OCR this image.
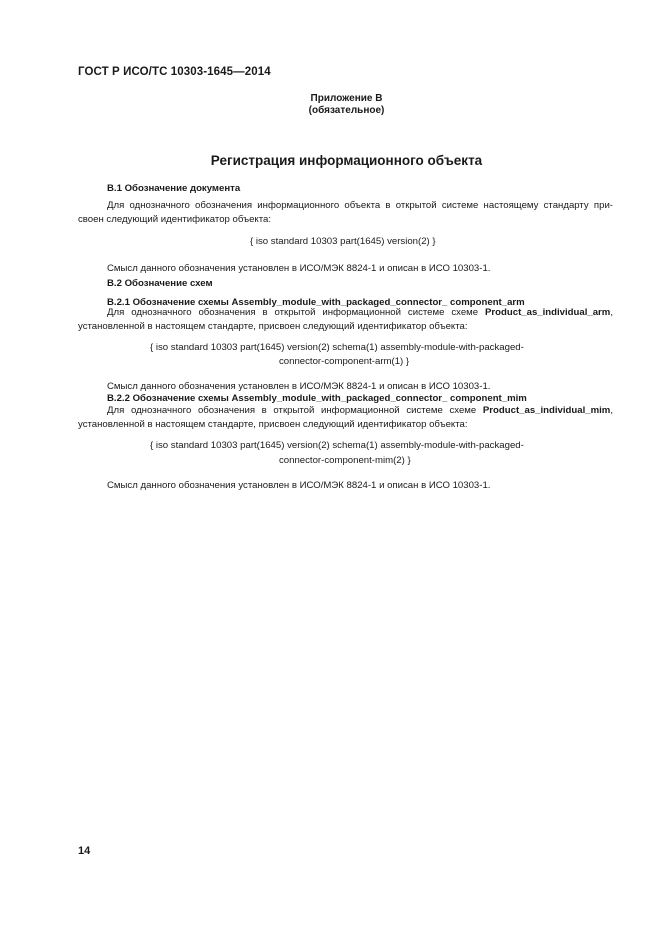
ГОСТ Р ИСО/ТС 10303-1645—2014
Приложение В
(обязательное)
Регистрация информационного объекта
В.1 Обозначение документа
Для однозначного обозначения информационного объекта в открытой системе настоящему стандарту при-
своен следующий идентификатор объекта:
{ iso standard 10303 part(1645) version(2) }
Смысл данного обозначения установлен в ИСО/МЭК 8824-1 и описан в ИСО 10303-1.
В.2 Обозначение схем
В.2.1 Обозначение схемы Assembly_module_with_packaged_connector_ component_arm
Для однозначного обозначения в открытой информационной системе схеме Product_as_individual_arm,
установленной в настоящем стандарте, присвоен следующий идентификатор объекта:
{ iso standard 10303 part(1645) version(2) schema(1) assembly-module-with-packaged-
connector-component-arm(1) }
Смысл данного обозначения установлен в ИСО/МЭК 8824-1 и описан в ИСО 10303-1.
В.2.2 Обозначение схемы Assembly_module_with_packaged_connector_ component_mim
Для однозначного обозначения в открытой информационной системе схеме Product_as_individual_mim,
установленной в настоящем стандарте, присвоен следующий идентификатор объекта:
{ iso standard 10303 part(1645) version(2) schema(1) assembly-module-with-packaged-
connector-component-mim(2) }
Смысл данного обозначения установлен в ИСО/МЭК 8824-1 и описан в ИСО 10303-1.
14
